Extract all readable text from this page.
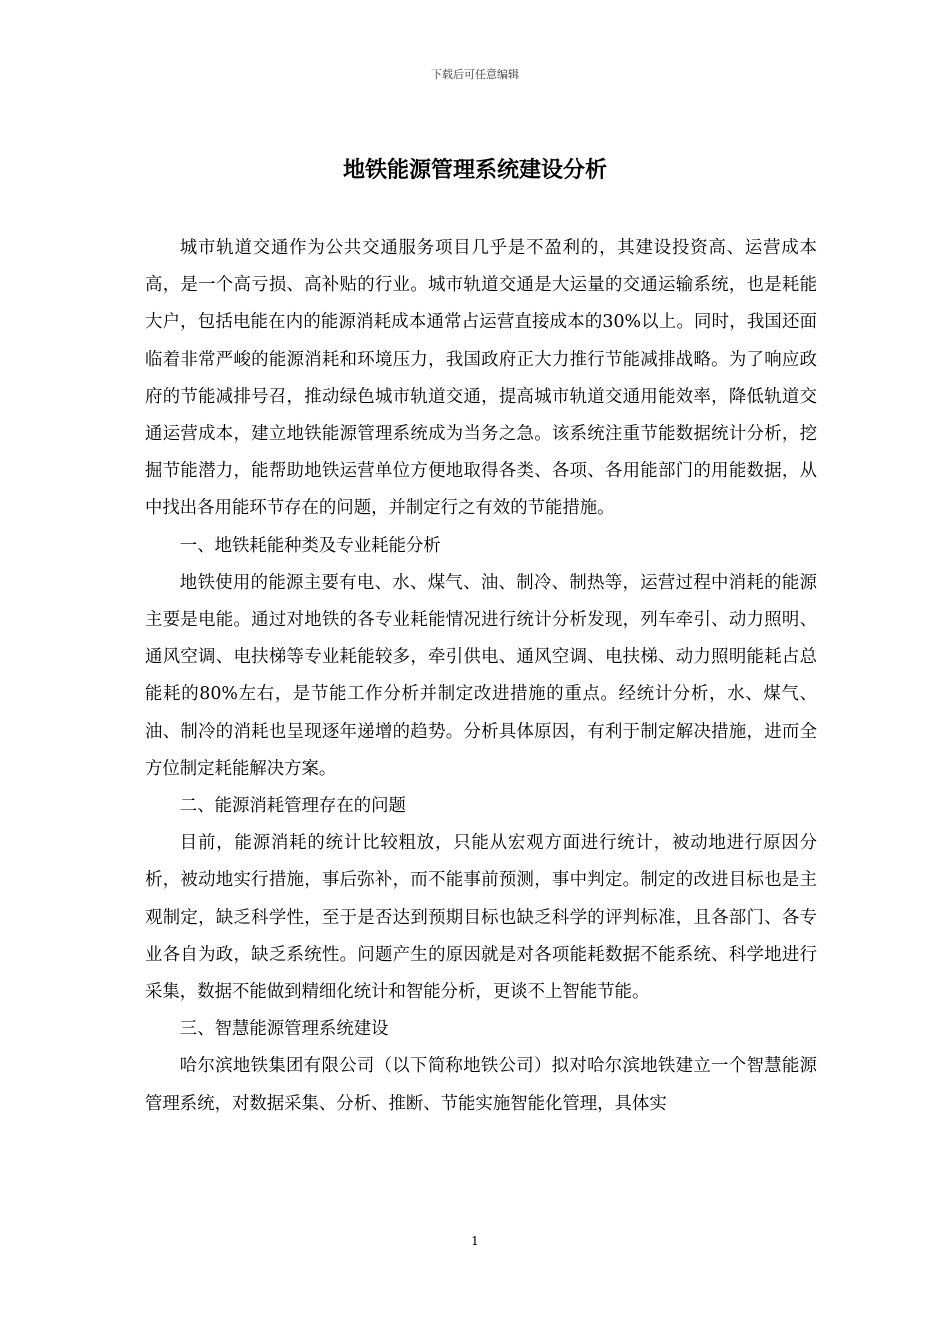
下载后可任意编辑
地铁能源管理系统建设分析

城市轨道交通作为公共交通服务项目几乎是不盈利的，其建设投资高、运营成本高，是一个高亏损、高补贴的行业。城市轨道交通是大运量的交通运输系统，也是耗能大户，包括电能在内的能源消耗成本通常占运营直接成本的30%以上。同时，我国还面临着非常严峻的能源消耗和环境压力，我国政府正大力推行节能减排战略。为了响应政府的节能减排号召，推动绿色城市轨道交通，提高城市轨道交通用能效率，降低轨道交通运营成本，建立地铁能源管理系统成为当务之急。该系统注重节能数据统计分析，挖掘节能潜力，能帮助地铁运营单位方便地取得各类、各项、各用能部门的用能数据，从中找出各用能环节存在的问题，并制定行之有效的节能措施。

一、地铁耗能种类及专业耗能分析

地铁使用的能源主要有电、水、煤气、油、制冷、制热等，运营过程中消耗的能源主要是电能。通过对地铁的各专业耗能情况进行统计分析发现，列车牵引、动力照明、通风空调、电扶梯等专业耗能较多，牵引供电、通风空调、电扶梯、动力照明能耗占总能耗的80%左右，是节能工作分析并制定改进措施的重点。经统计分析，水、煤气、油、制冷的消耗也呈现逐年递增的趋势。分析具体原因，有利于制定解决措施，进而全方位制定耗能解决方案。

二、能源消耗管理存在的问题

目前，能源消耗的统计比较粗放，只能从宏观方面进行统计，被动地进行原因分析，被动地实行措施，事后弥补，而不能事前预测，事中判定。制定的改进目标也是主观制定，缺乏科学性，至于是否达到预期目标也缺乏科学的评判标准，且各部门、各专业各自为政，缺乏系统性。问题产生的原因就是对各项能耗数据不能系统、科学地进行采集，数据不能做到精细化统计和智能分析，更谈不上智能节能。

三、智慧能源管理系统建设

哈尔滨地铁集团有限公司（以下简称地铁公司）拟对哈尔滨地铁建立一个智慧能源管理系统，对数据采集、分析、推断、节能实施智能化管理，具体实

1
